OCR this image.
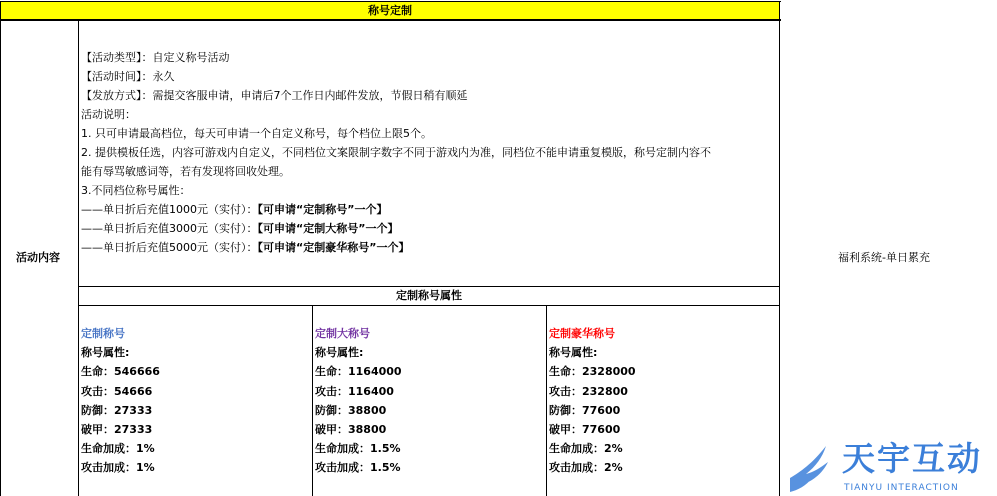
称号定制
活动内容	福利系统-单日累充

【活动类型】：自定义称号活动

【活动时间】：永久

【发放方式】：需提交客服申请，申请后7个工作日内邮件发放，节假日稍有顺延

活动说明：

1. 只可申请最高档位，每天可申请一个自定义称号，每个档位上限5个。

2. 提供模板任选，内容可游戏内自定义，不同档位文案限制字数字不同于游戏内为准，同档位不能申请重复模版，称号定制内容不

能有辱骂敏感词等，若有发现将回收处理。

3.不同档位称号属性：

——单日折后充值1000元（实付）：【可申请“定制称号”一个】

——单日折后充值3000元（实付）：【可申请“定制大称号”一个】

——单日折后充值5000元（实付）：【可申请“定制豪华称号”一个】

定制称号属性

定制称号

称号属性:

生命：546666

攻击：54666

防御：27333

破甲：27333

生命加成：1%

攻击加成：1%

定制大称号

称号属性:

生命：1164000

攻击：116400

防御：38800

破甲：38800

生命加成：1.5%

攻击加成：1.5%

定制豪华称号

称号属性:

生命：2328000

攻击：232800

防御：77600

破甲：77600

生命加成：2%

攻击加成：2%	天宇互动
TIANYU INTERACTION
